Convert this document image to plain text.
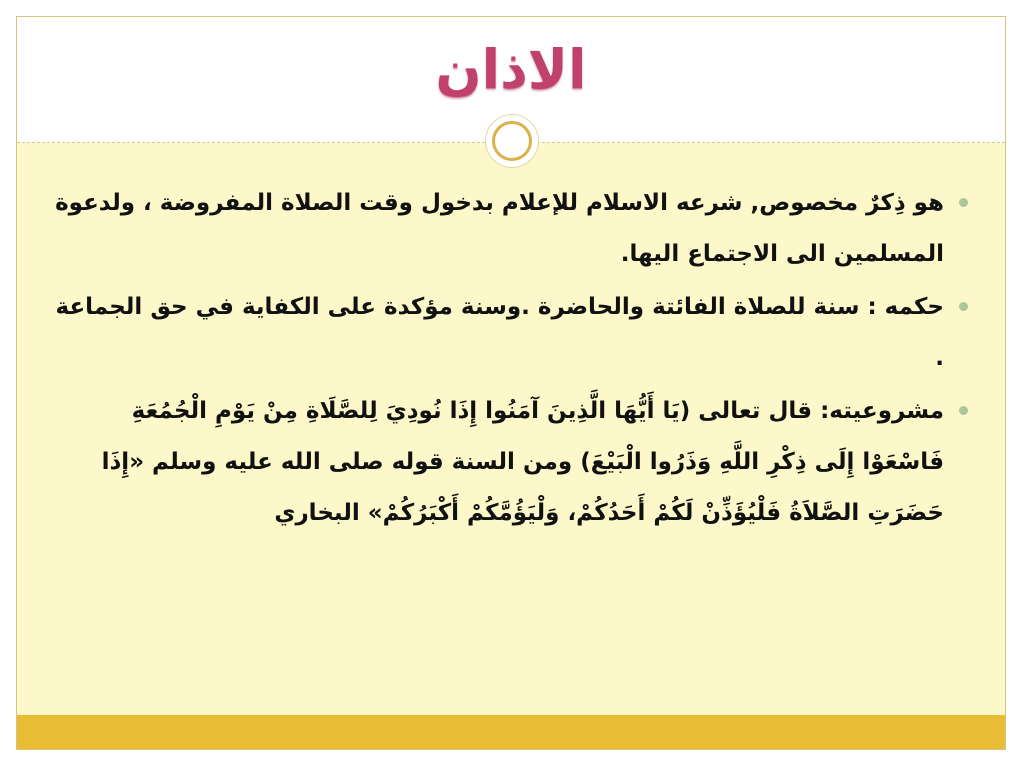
الاذان
هو ذِكرٌ مخصوص, شرعه الاسلام للإعلام بدخول وقت الصلاة المفروضة ، ولدعوة المسلمين الى الاجتماع اليها.
حكمه : سنة للصلاة الفائتة والحاضرة .وسنة مؤكدة على الكفاية في حق الجماعة .
مشروعيته: قال تعالى (يَا أَيُّهَا الَّذِينَ آمَنُوا إِذَا نُودِيَ لِلصَّلَاةِ مِنْ يَوْمِ الْجُمُعَةِ فَاسْعَوْا إِلَى ذِكْرِ اللَّهِ وَذَرُوا الْبَيْعَ) ومن السنة قوله صلى الله عليه وسلم «إِذَا حَضَرَتِ الصَّلاَةُ فَلْيُؤَذِّنْ لَكُمْ أَحَدُكُمْ، وَلْيَؤُمَّكُمْ أَكْبَرُكُمْ» البخاري
